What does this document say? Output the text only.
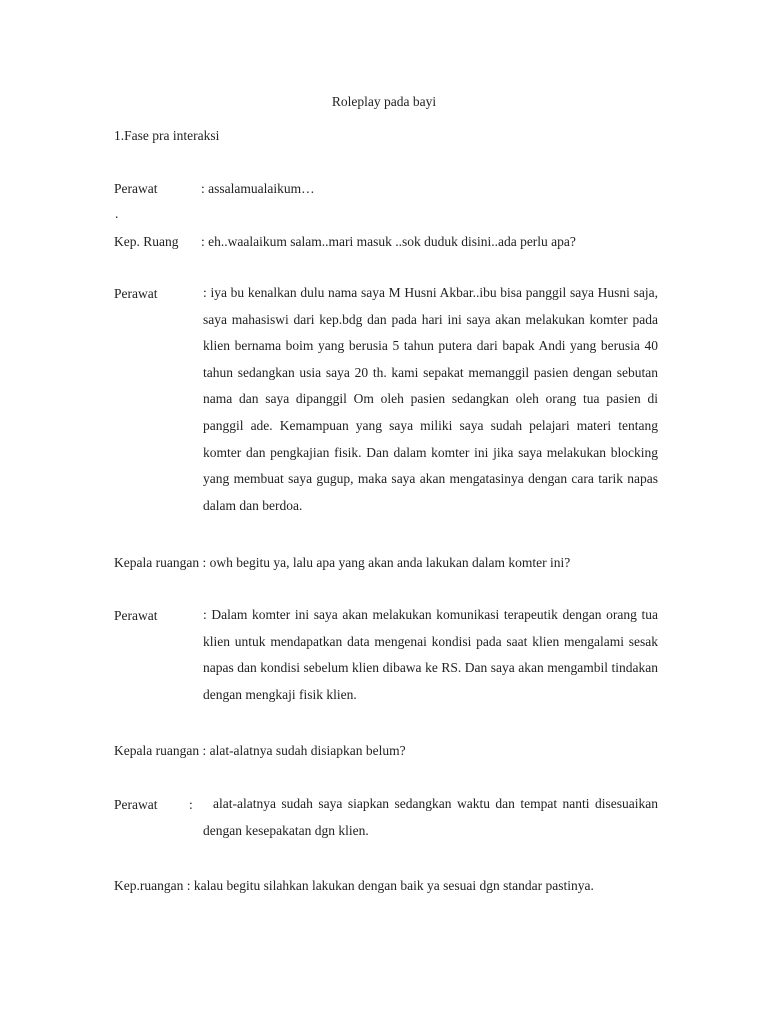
Roleplay pada bayi
1.Fase pra interaksi
Perawat	: assalamualaikum…
.
Kep. Ruang : eh..waalaikum salam..mari masuk ..sok duduk disini..ada perlu apa?
Perawat	: iya bu kenalkan dulu nama saya M Husni Akbar..ibu bisa panggil saya Husni saja, saya mahasiswi dari kep.bdg dan pada hari ini saya akan melakukan komter pada klien bernama boim yang berusia 5 tahun putera dari bapak Andi yang berusia 40 tahun sedangkan usia saya 20 th. kami sepakat memanggil pasien dengan sebutan nama dan saya dipanggil Om oleh pasien sedangkan oleh orang tua pasien di panggil ade. Kemampuan yang saya miliki saya sudah pelajari materi tentang komter dan pengkajian fisik. Dan dalam komter ini jika saya melakukan blocking yang membuat saya gugup, maka saya akan mengatasinya dengan cara tarik napas dalam dan berdoa.
Kepala ruangan : owh begitu ya, lalu apa yang akan anda lakukan dalam komter ini?
Perawat	: Dalam komter ini saya akan melakukan komunikasi terapeutik dengan orang tua klien untuk mendapatkan data mengenai kondisi pada saat klien mengalami sesak napas dan kondisi sebelum klien dibawa ke RS. Dan saya akan mengambil tindakan dengan mengkaji fisik klien.
Kepala ruangan : alat-alatnya sudah disiapkan belum?
Perawat :	alat-alatnya sudah saya siapkan sedangkan waktu dan tempat nanti disesuaikan dengan kesepakatan dgn klien.
Kep.ruangan : kalau begitu silahkan lakukan dengan baik ya sesuai dgn standar pastinya.
